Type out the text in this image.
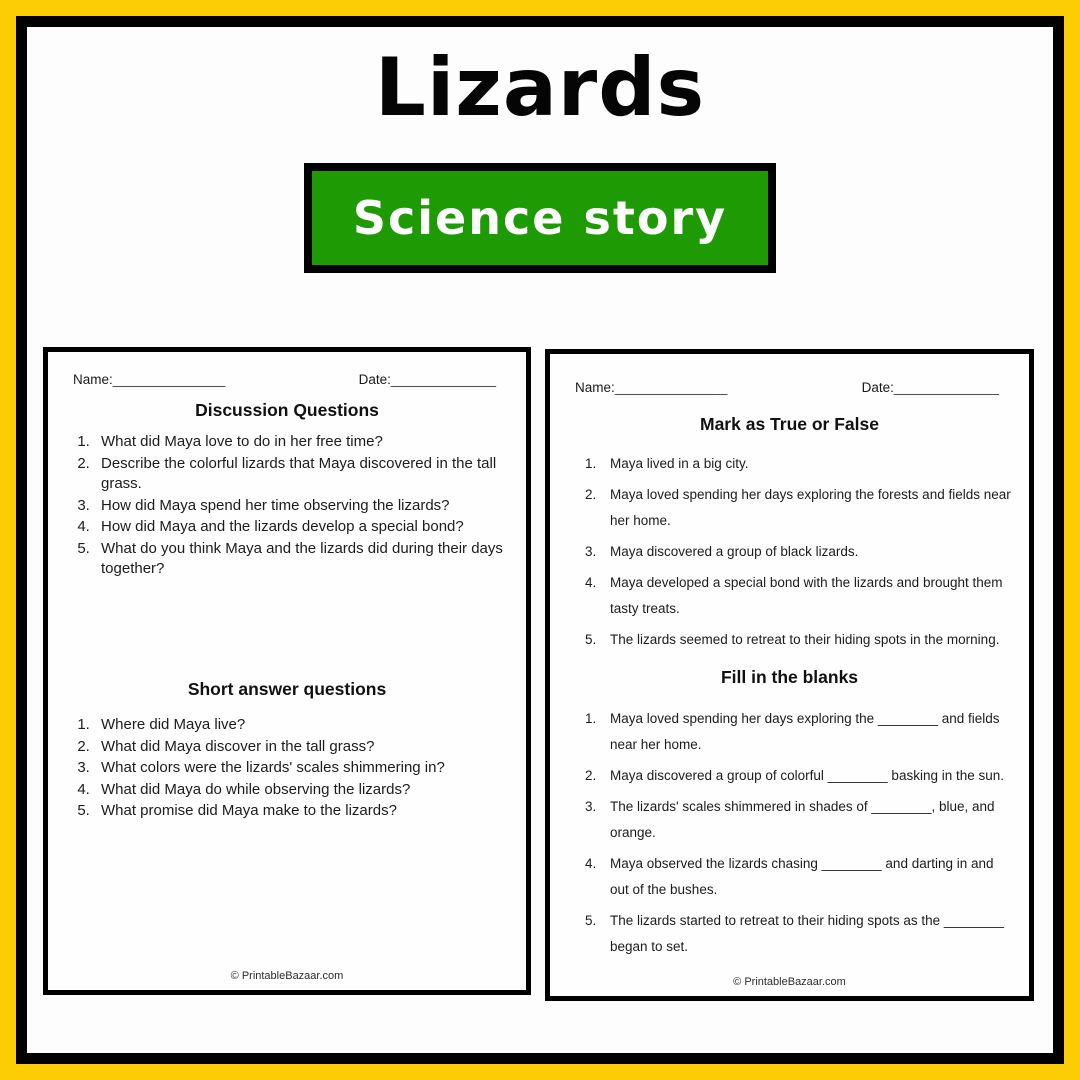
Lizards
Science story
Name:_______________	Date:______________
Discussion Questions
1. What did Maya love to do in her free time?
2. Describe the colorful lizards that Maya discovered in the tall grass.
3. How did Maya spend her time observing the lizards?
4. How did Maya and the lizards develop a special bond?
5. What do you think Maya and the lizards did during their days together?
Short answer questions
1. Where did Maya live?
2. What did Maya discover in the tall grass?
3. What colors were the lizards' scales shimmering in?
4. What did Maya do while observing the lizards?
5. What promise did Maya make to the lizards?
© PrintableBazaar.com
Name:_______________	Date:______________
Mark as True or False
1. Maya lived in a big city.
2. Maya loved spending her days exploring the forests and fields near her home.
3. Maya discovered a group of black lizards.
4. Maya developed a special bond with the lizards and brought them tasty treats.
5. The lizards seemed to retreat to their hiding spots in the morning.
Fill in the blanks
1. Maya loved spending her days exploring the ________ and fields near her home.
2. Maya discovered a group of colorful ________ basking in the sun.
3. The lizards' scales shimmered in shades of ________, blue, and orange.
4. Maya observed the lizards chasing ________ and darting in and out of the bushes.
5. The lizards started to retreat to their hiding spots as the ________ began to set.
© PrintableBazaar.com
